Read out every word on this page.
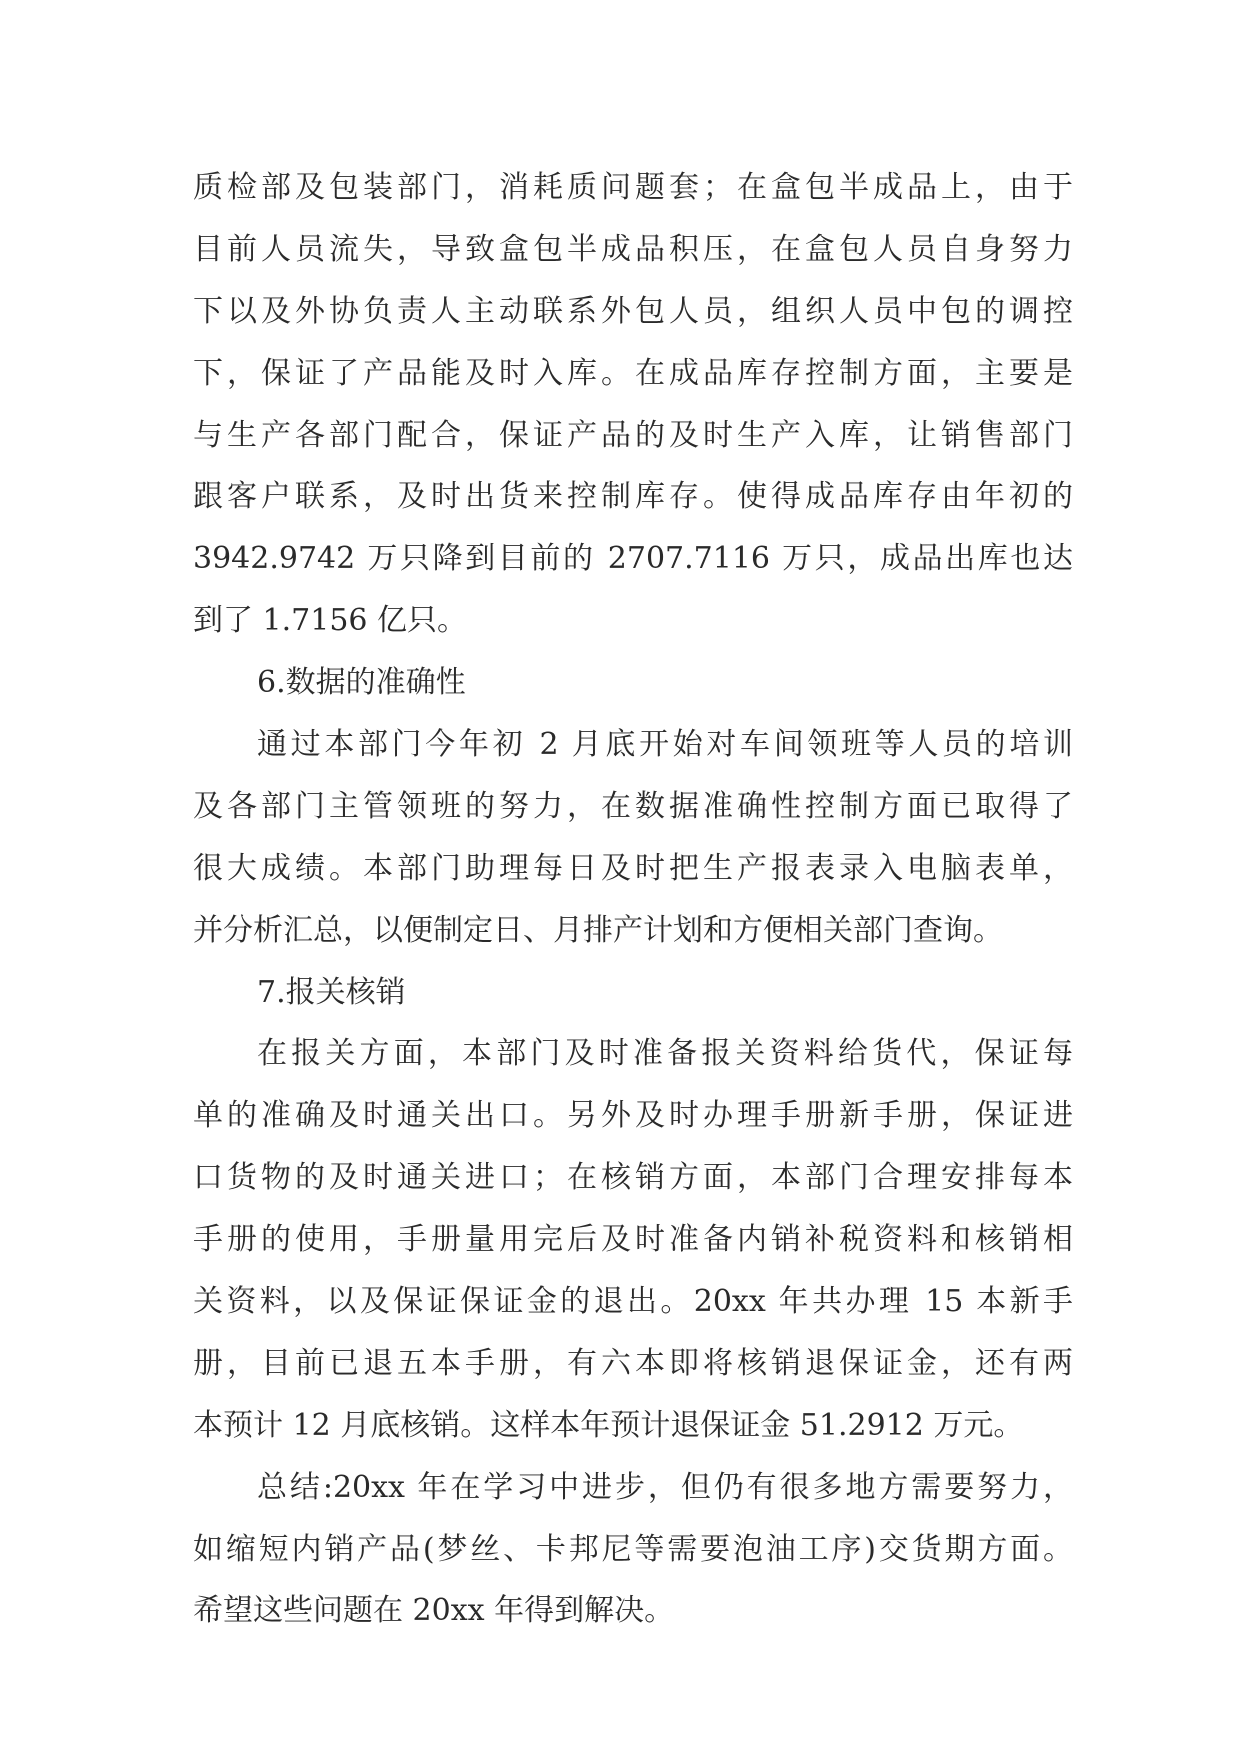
质检部及包装部门，消耗质问题套；在盒包半成品上，由于
目前人员流失，导致盒包半成品积压，在盒包人员自身努力
下以及外协负责人主动联系外包人员，组织人员中包的调控
下，保证了产品能及时入库。在成品库存控制方面，主要是
与生产各部门配合，保证产品的及时生产入库，让销售部门
跟客户联系，及时出货来控制库存。使得成品库存由年初的
3942.9742 万只降到目前的 2707.7116 万只，成品出库也达
到了 1.7156 亿只。
6.数据的准确性
通过本部门今年初 2 月底开始对车间领班等人员的培训
及各部门主管领班的努力，在数据准确性控制方面已取得了
很大成绩。本部门助理每日及时把生产报表录入电脑表单，
并分析汇总，以便制定日、月排产计划和方便相关部门查询。
7.报关核销
在报关方面，本部门及时准备报关资料给货代，保证每
单的准确及时通关出口。另外及时办理手册新手册，保证进
口货物的及时通关进口；在核销方面，本部门合理安排每本
手册的使用，手册量用完后及时准备内销补税资料和核销相
关资料，以及保证保证金的退出。20xx 年共办理 15 本新手
册，目前已退五本手册，有六本即将核销退保证金，还有两
本预计 12 月底核销。这样本年预计退保证金 51.2912 万元。
总结:20xx 年在学习中进步，但仍有很多地方需要努力，
如缩短内销产品(梦丝、卡邦尼等需要泡油工序)交货期方面。
希望这些问题在 20xx 年得到解决。
